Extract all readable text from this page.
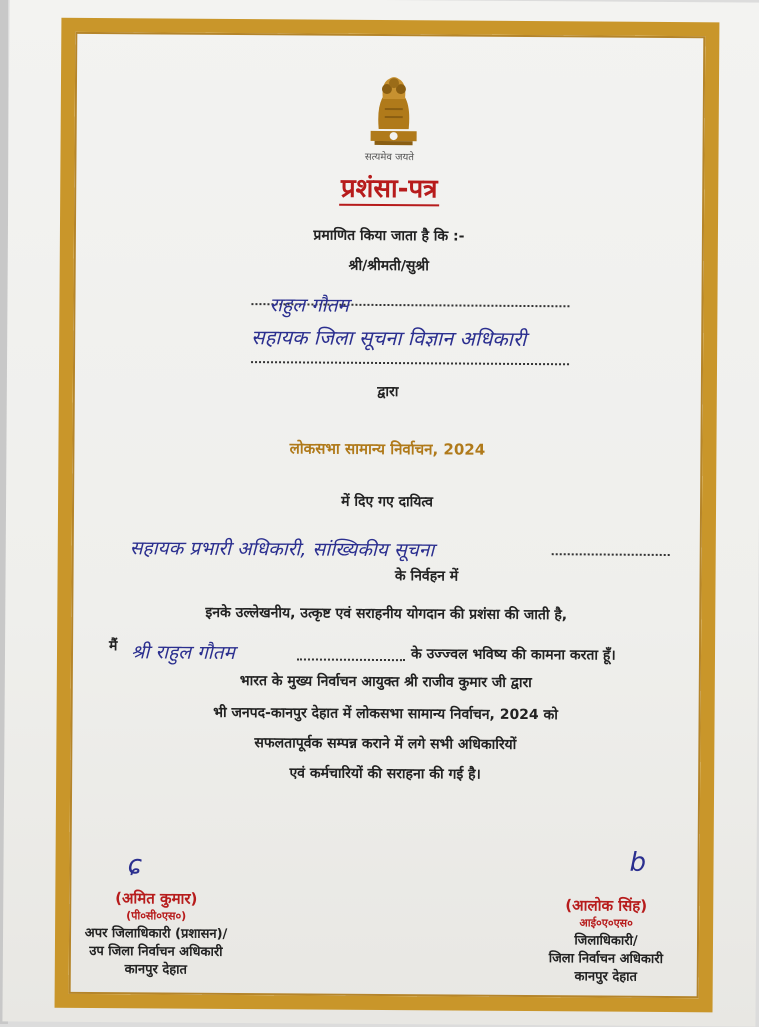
सत्यमेव जयते
प्रशंसा-पत्र
प्रमाणित किया जाता है कि :-
श्री/श्रीमती/सुश्री
राहुल गौतम
सहायक जिला सूचना विज्ञान अधिकारी
द्वारा
लोकसभा सामान्य निर्वाचन, 2024
में दिए गए दायित्व
सहायक प्रभारी अधिकारी, सांख्यिकीय सूचना
के निर्वहन में
इनके उल्लेखनीय, उत्कृष्ट एवं सराहनीय योगदान की प्रशंसा की जाती है,
मैं श्री राहुल गौतम	के उज्ज्वल भविष्य की कामना करता हूँ।
भारत के मुख्य निर्वाचन आयुक्त श्री राजीव कुमार जी द्वारा
भी जनपद-कानपुर देहात में लोकसभा सामान्य निर्वाचन, 2024 को
सफलतापूर्वक सम्पन्न कराने में लगे सभी अधिकारियों
एवं कर्मचारियों की सराहना की गई है।
ɕ	b
(अमित कुमार)
(पी०सी०एस०)
अपर जिलाधिकारी (प्रशासन)/
उप जिला निर्वाचन अधिकारी
कानपुर देहात
(आलोक सिंह)
आई०ए०एस०
जिलाधिकारी/
जिला निर्वाचन अधिकारी
कानपुर देहात
